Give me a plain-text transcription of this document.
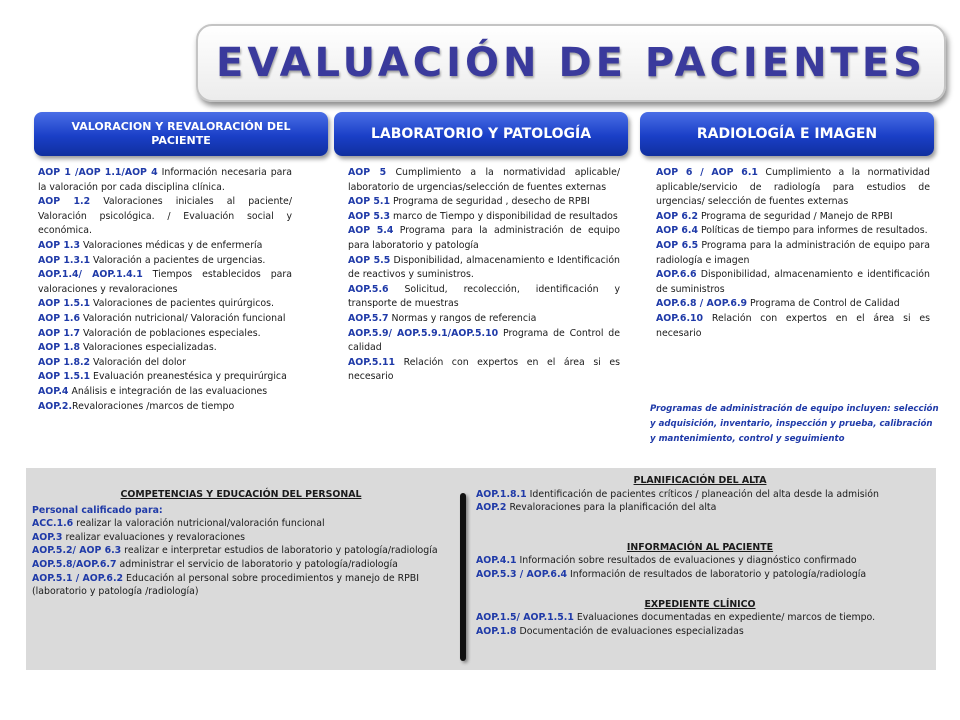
EVALUACIÓN DE PACIENTES
VALORACION Y REVALORACIÓN DEL PACIENTE	LABORATORIO Y PATOLOGÍA	RADIOLOGÍA E IMAGEN

AOP 1 /AOP 1.1/AOP 4 Información necesaria para la valoración por cada disciplina clínica.

AOP 1.2 Valoraciones iniciales al paciente/ Valoración psicológica. / Evaluación social y económica.

AOP 1.3 Valoraciones médicas y de enfermería

AOP 1.3.1 Valoración a pacientes de urgencias.

AOP.1.4/ AOP.1.4.1 Tiempos establecidos para valoraciones y revaloraciones

AOP 1.5.1 Valoraciones de pacientes quirúrgicos.

AOP 1.6 Valoración nutricional/ Valoración funcional

AOP 1.7 Valoración de poblaciones especiales.

AOP 1.8 Valoraciones especializadas.

AOP 1.8.2 Valoración del dolor

AOP 1.5.1 Evaluación preanestésica y prequirúrgica

AOP.4 Análisis e integración de las evaluaciones

AOP.2.Revaloraciones /marcos de tiempo

AOP 5 Cumplimiento a la normatividad aplicable/ laboratorio de urgencias/selección de fuentes externas

AOP 5.1 Programa de seguridad , desecho de RPBI

AOP 5.3 marco de Tiempo y disponibilidad de resultados

AOP 5.4 Programa para la administración de equipo para laboratorio y patología

AOP 5.5 Disponibilidad, almacenamiento e Identificación de reactivos y suministros.

AOP.5.6 Solicitud, recolección, identificación y transporte de muestras

AOP.5.7 Normas y rangos de referencia

AOP.5.9/ AOP.5.9.1/AOP.5.10 Programa de Control de calidad

AOP.5.11 Relación con expertos en el área si es necesario

AOP 6 / AOP 6.1 Cumplimiento a la normatividad aplicable/servicio de radiología para estudios de urgencias/ selección de fuentes externas

AOP 6.2 Programa de seguridad / Manejo de RPBI

AOP 6.4 Políticas de tiempo para informes de resultados.

AOP 6.5 Programa para la administración de equipo para radiología e imagen

AOP.6.6 Disponibilidad, almacenamiento e identificación de suministros

AOP.6.8 / AOP.6.9 Programa de Control de Calidad

AOP.6.10 Relación con expertos en el área si es necesario

Programas de administración de equipo incluyen: selección y adquisición, inventario, inspección y prueba, calibración y mantenimiento, control y seguimiento

COMPETENCIAS Y EDUCACIÓN DEL PERSONAL

Personal calificado para:

ACC.1.6 realizar la valoración nutricional/valoración funcional

AOP.3 realizar evaluaciones y revaloraciones

AOP.5.2/ AOP 6.3 realizar e interpretar estudios de laboratorio y patología/radiología

AOP.5.8/AOP.6.7 administrar el servicio de laboratorio y patología/radiología

AOP.5.1 / AOP.6.2 Educación al personal sobre procedimientos y manejo de RPBI (laboratorio y patología /radiología)

PLANIFICACIÓN DEL ALTA

AOP.1.8.1 Identificación de pacientes críticos / planeación del alta desde la admisión

AOP.2 Revaloraciones para la planificación del alta

INFORMACIÓN AL PACIENTE

AOP.4.1 Información sobre resultados de evaluaciones y diagnóstico confirmado

AOP.5.3 / AOP.6.4 Información de resultados de laboratorio y patología/radiología

EXPEDIENTE CLÍNICO

AOP.1.5/ AOP.1.5.1 Evaluaciones documentadas en expediente/ marcos de tiempo.

AOP.1.8 Documentación de evaluaciones especializadas
